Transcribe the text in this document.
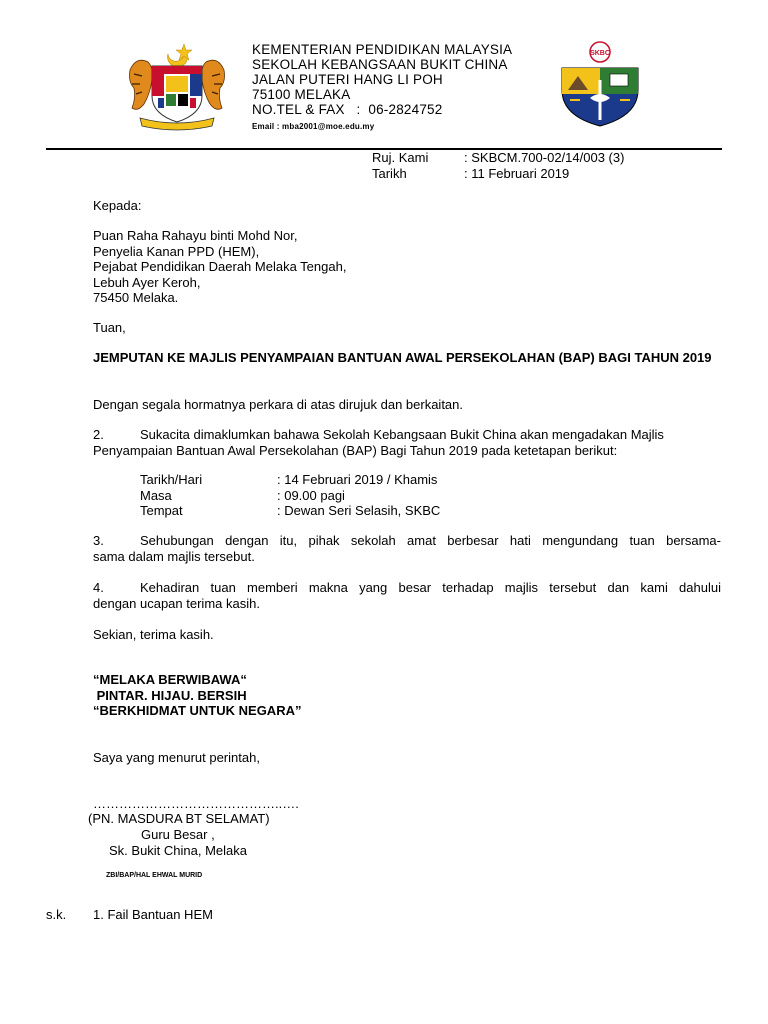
KEMENTERIAN PENDIDIKAN MALAYSIA
SEKOLAH KEBANGSAAN BUKIT CHINA
JALAN PUTERI HANG LI POH
75100 MELAKA
NO.TEL & FAX   :  06-2824752
Email : mba2001@moe.edu.my
SKBC
Ruj. Kami	: SKBCM.700-02/14/003 (3)
Tarikh	: 11 Februari 2019
Kepada:
Puan Raha Rahayu binti Mohd Nor,
Penyelia Kanan PPD (HEM),
Pejabat Pendidikan Daerah Melaka Tengah,
Lebuh Ayer Keroh,
75450 Melaka.
Tuan,
JEMPUTAN KE MAJLIS PENYAMPAIAN BANTUAN AWAL PERSEKOLAHAN (BAP) BAGI TAHUN 2019
Dengan segala hormatnya perkara di atas dirujuk dan berkaitan.
2.	Sukacita dimaklumkan bahawa Sekolah Kebangsaan Bukit China akan mengadakan Majlis
Penyampaian Bantuan Awal Persekolahan (BAP) Bagi Tahun 2019 pada ketetapan berikut:
Tarikh/Hari	: 14 Februari 2019 / Khamis
Masa	: 09.00 pagi
Tempat	: Dewan Seri Selasih, SKBC
3.	Sehubungan dengan itu, pihak sekolah amat berbesar hati mengundang tuan bersama-
sama dalam majlis tersebut.
4.	Kehadiran tuan memberi makna yang besar terhadap majlis tersebut dan kami dahului
dengan ucapan terima kasih.
Sekian, terima kasih.
“MELAKA BERWIBAWA“
PINTAR. HIJAU. BERSIH
“BERKHIDMAT UNTUK NEGARA”
Saya yang menurut perintah,
……………………………………..….
(PN. MASDURA BT SELAMAT)
Guru Besar ,
Sk. Bukit China, Melaka
ZBI/BAP/HAL EHWAL MURID
s.k. 1. Fail Bantuan HEM
